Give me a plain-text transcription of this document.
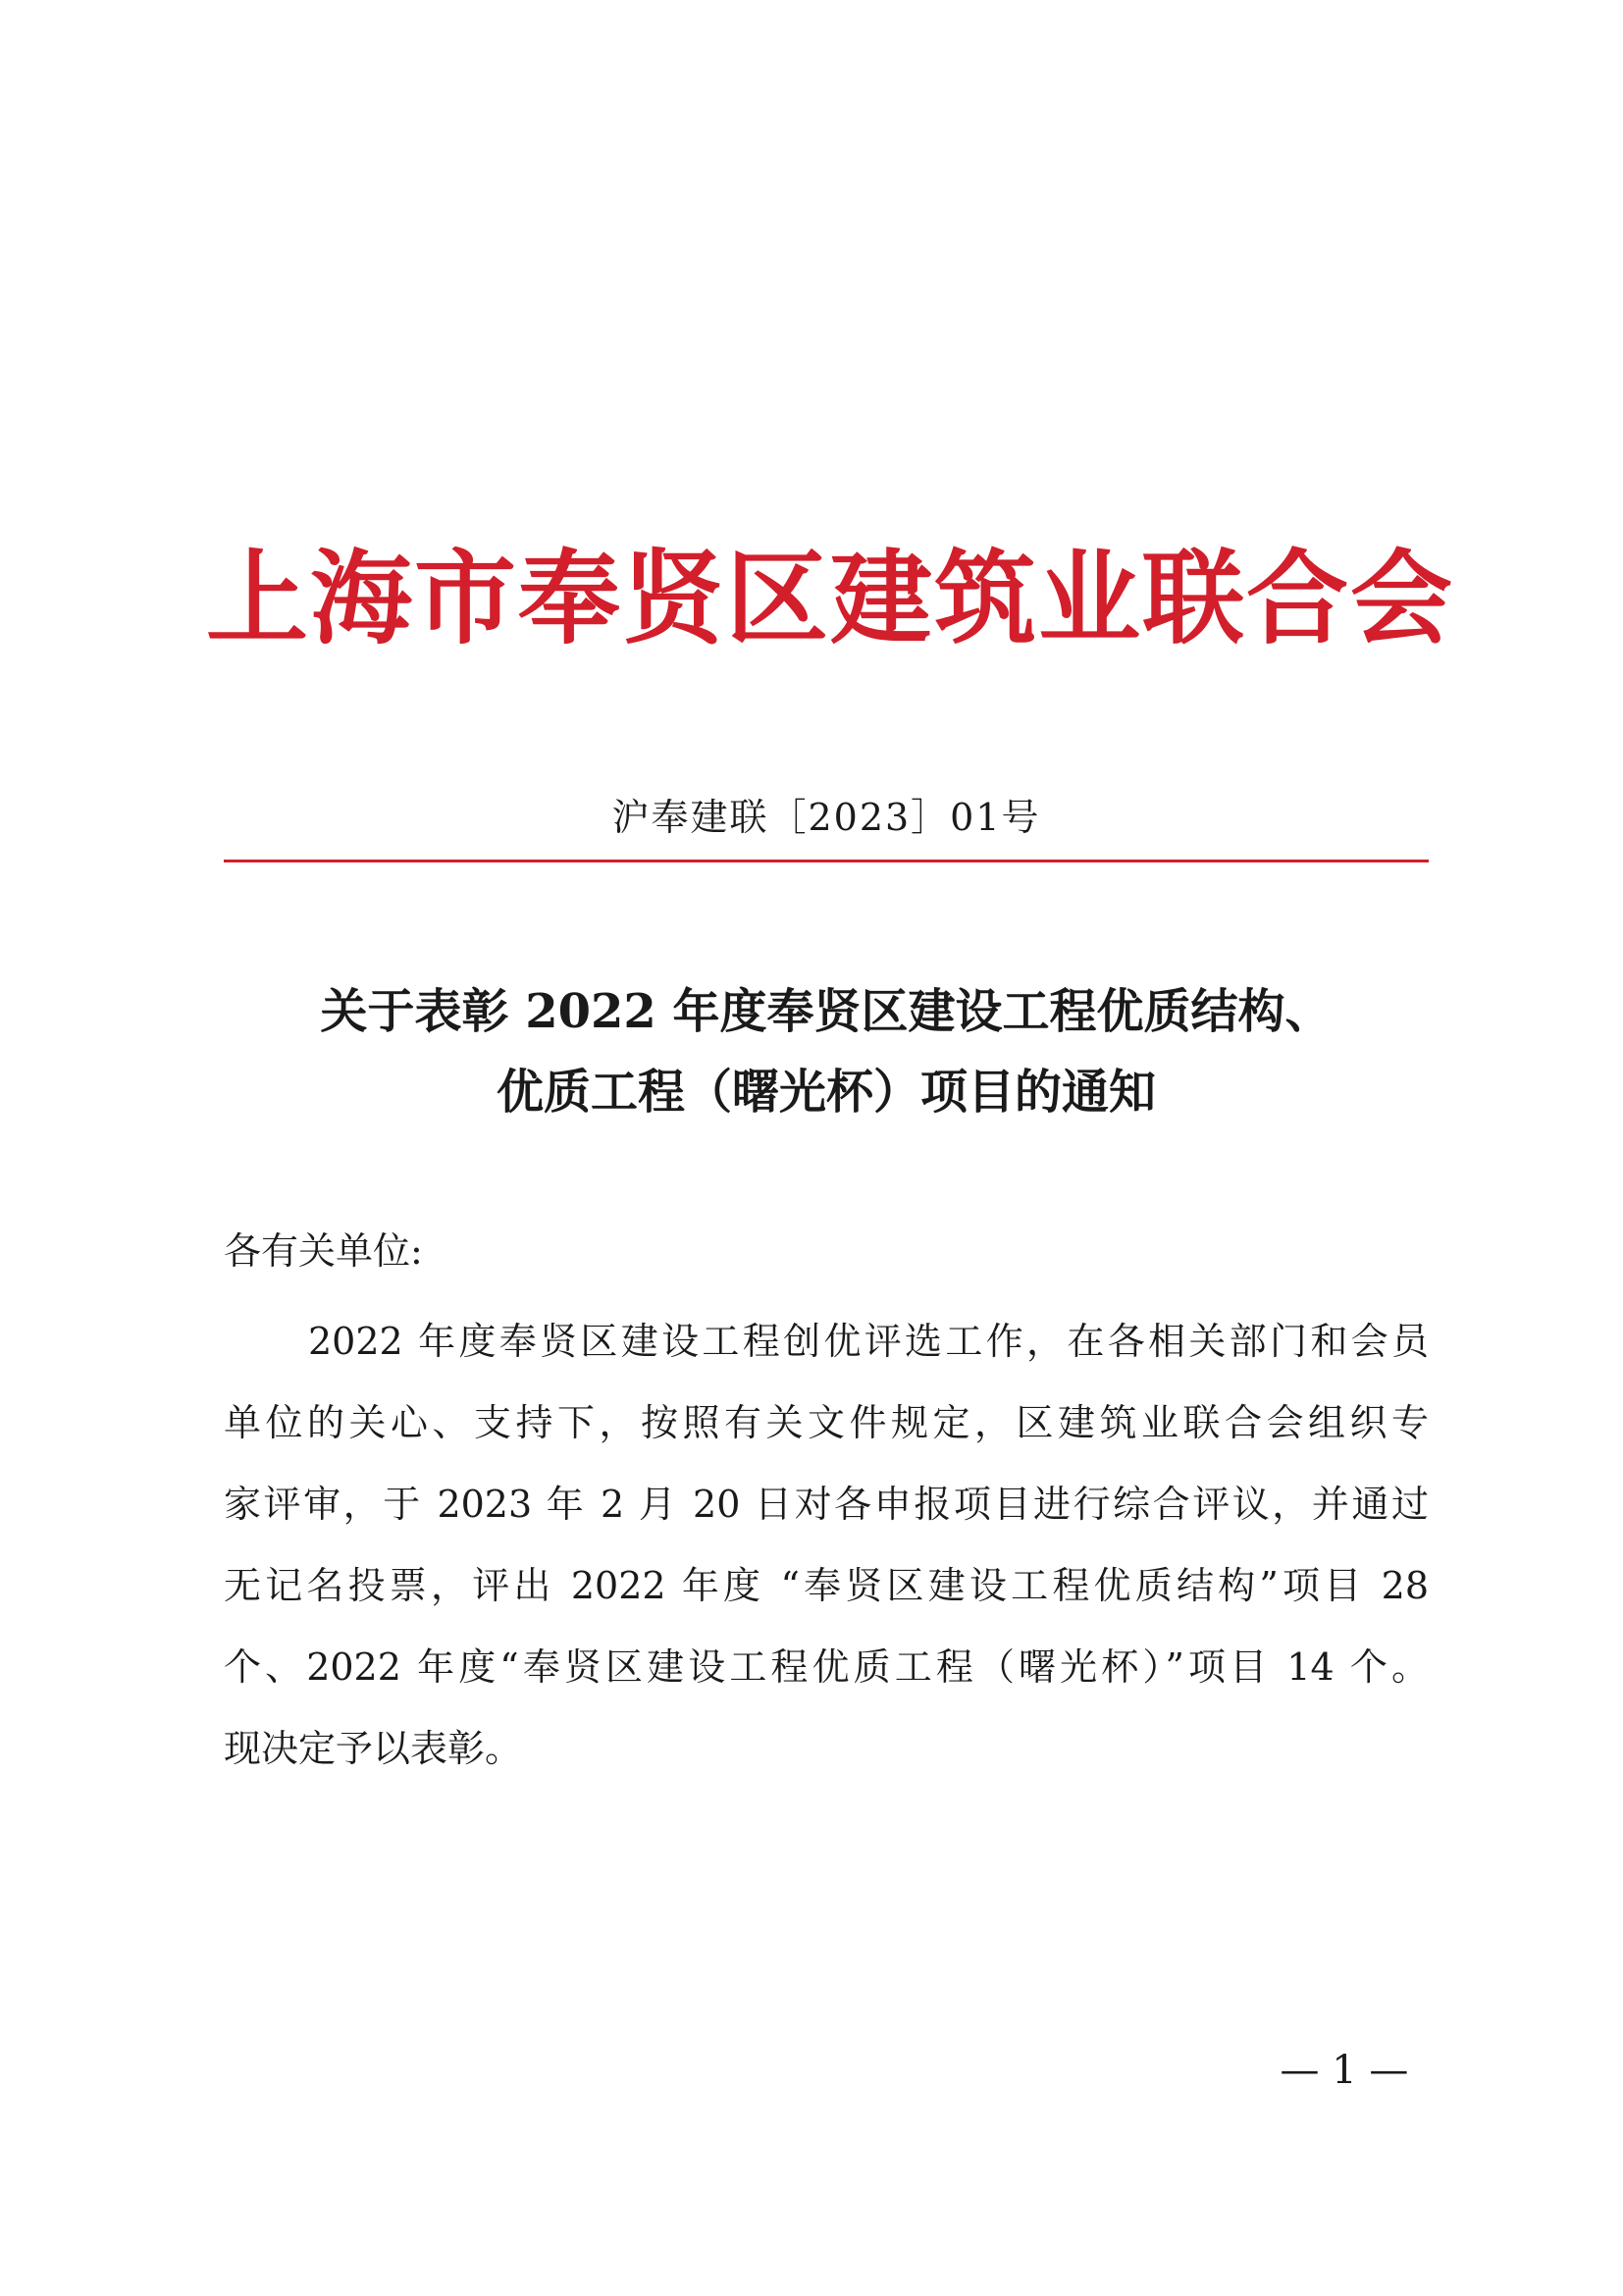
上海市奉贤区建筑业联合会
沪奉建联［2023］01号
关于表彰 2022 年度奉贤区建设工程优质结构、
优质工程（曙光杯）项目的通知
各有关单位:
2022 年度奉贤区建设工程创优评选工作，在各相关部门和会员
单位的关心、支持下，按照有关文件规定，区建筑业联合会组织专
家评审，于 2023 年 2 月 20 日对各申报项目进行综合评议，并通过
无记名投票，评出 2022 年度 “奉贤区建设工程优质结构”项目 28
个、2022 年度“奉贤区建设工程优质工程（曙光杯）”项目 14 个。
现决定予以表彰。
— 1 —
